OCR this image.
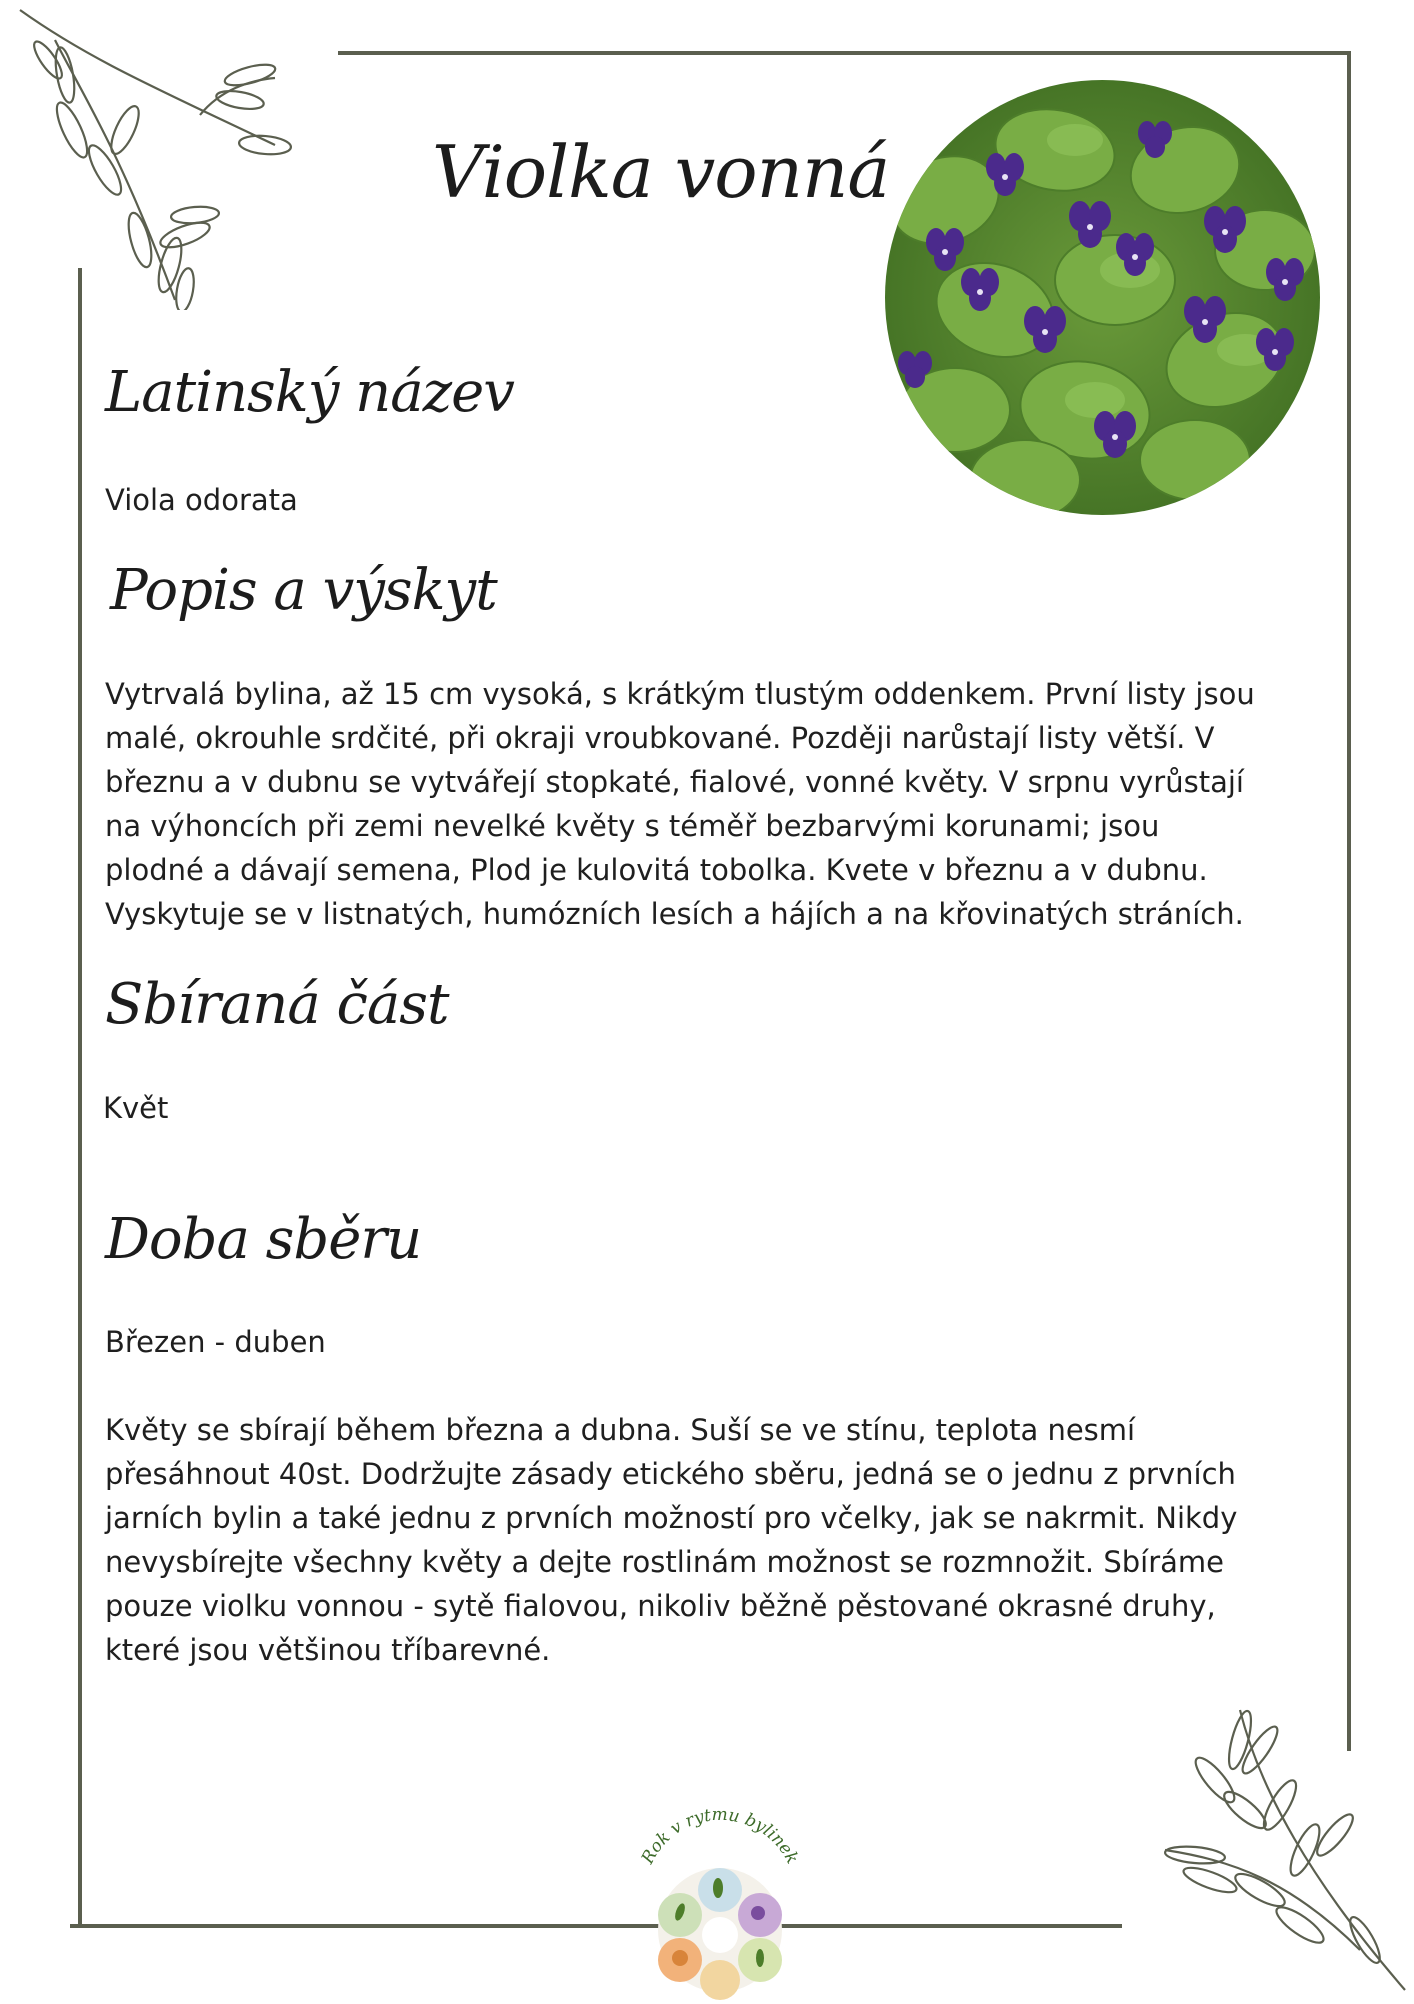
Violka vonná
Latinský název
Viola odorata
Popis a výskyt
Vytrvalá bylina, až 15 cm vysoká, s krátkým tlustým oddenkem. První listy jsou
malé, okrouhle srdčité, při okraji vroubkované. Později narůstají listy větší. V
březnu a v dubnu se vytvářejí stopkaté, fialové, vonné květy. V srpnu vyrůstají
na výhoncích při zemi nevelké květy s téměř bezbarvými korunami; jsou
plodné a dávají semena, Plod je kulovitá tobolka. Kvete v březnu a v dubnu.
Vyskytuje se v listnatých, humózních lesích a hájích a na křovinatých stráních.
Sbíraná část
Květ
Doba sběru
Březen - duben
Květy se sbírají během března a dubna. Suší se ve stínu, teplota nesmí
přesáhnout 40st. Dodržujte zásady etického sběru, jedná se o jednu z prvních
jarních bylin a také jednu z prvních možností pro včelky, jak se nakrmit. Nikdy
nevysbírejte všechny květy a dejte rostlinám možnost se rozmnožit. Sbíráme
pouze violku vonnou - sytě fialovou, nikoliv běžně pěstované okrasné druhy,
které jsou většinou tříbarevné.
Rok v rytmu bylinek
